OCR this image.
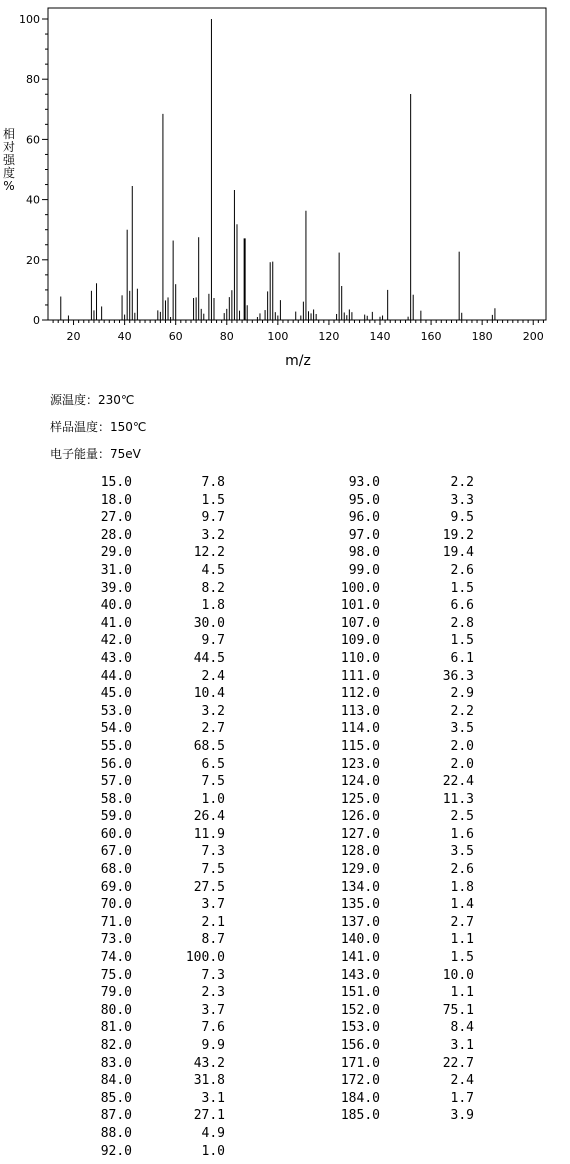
20	40	60	80	100	120	140	160	180	200
0
20
40
60
80
100
m/z
相
对
强
度
%
源温度：230℃
样品温度：150℃
电子能量：75eV
15.0	7.8
18.0	1.5
27.0	9.7
28.0	3.2
29.0	12.2
31.0	4.5
39.0	8.2
40.0	1.8
41.0	30.0
42.0	9.7
43.0	44.5
44.0	2.4
45.0	10.4
53.0	3.2
54.0	2.7
55.0	68.5
56.0	6.5
57.0	7.5
58.0	1.0
59.0	26.4
60.0	11.9
67.0	7.3
68.0	7.5
69.0	27.5
70.0	3.7
71.0	2.1
73.0	8.7
74.0	100.0
75.0	7.3
79.0	2.3
80.0	3.7
81.0	7.6
82.0	9.9
83.0	43.2
84.0	31.8
85.0	3.1
87.0	27.1
88.0	4.9
92.0	1.0
93.0	2.2
95.0	3.3
96.0	9.5
97.0	19.2
98.0	19.4
99.0	2.6
100.0	1.5
101.0	6.6
107.0	2.8
109.0	1.5
110.0	6.1
111.0	36.3
112.0	2.9
113.0	2.2
114.0	3.5
115.0	2.0
123.0	2.0
124.0	22.4
125.0	11.3
126.0	2.5
127.0	1.6
128.0	3.5
129.0	2.6
134.0	1.8
135.0	1.4
137.0	2.7
140.0	1.1
141.0	1.5
143.0	10.0
151.0	1.1
152.0	75.1
153.0	8.4
156.0	3.1
171.0	22.7
172.0	2.4
184.0	1.7
185.0	3.9
